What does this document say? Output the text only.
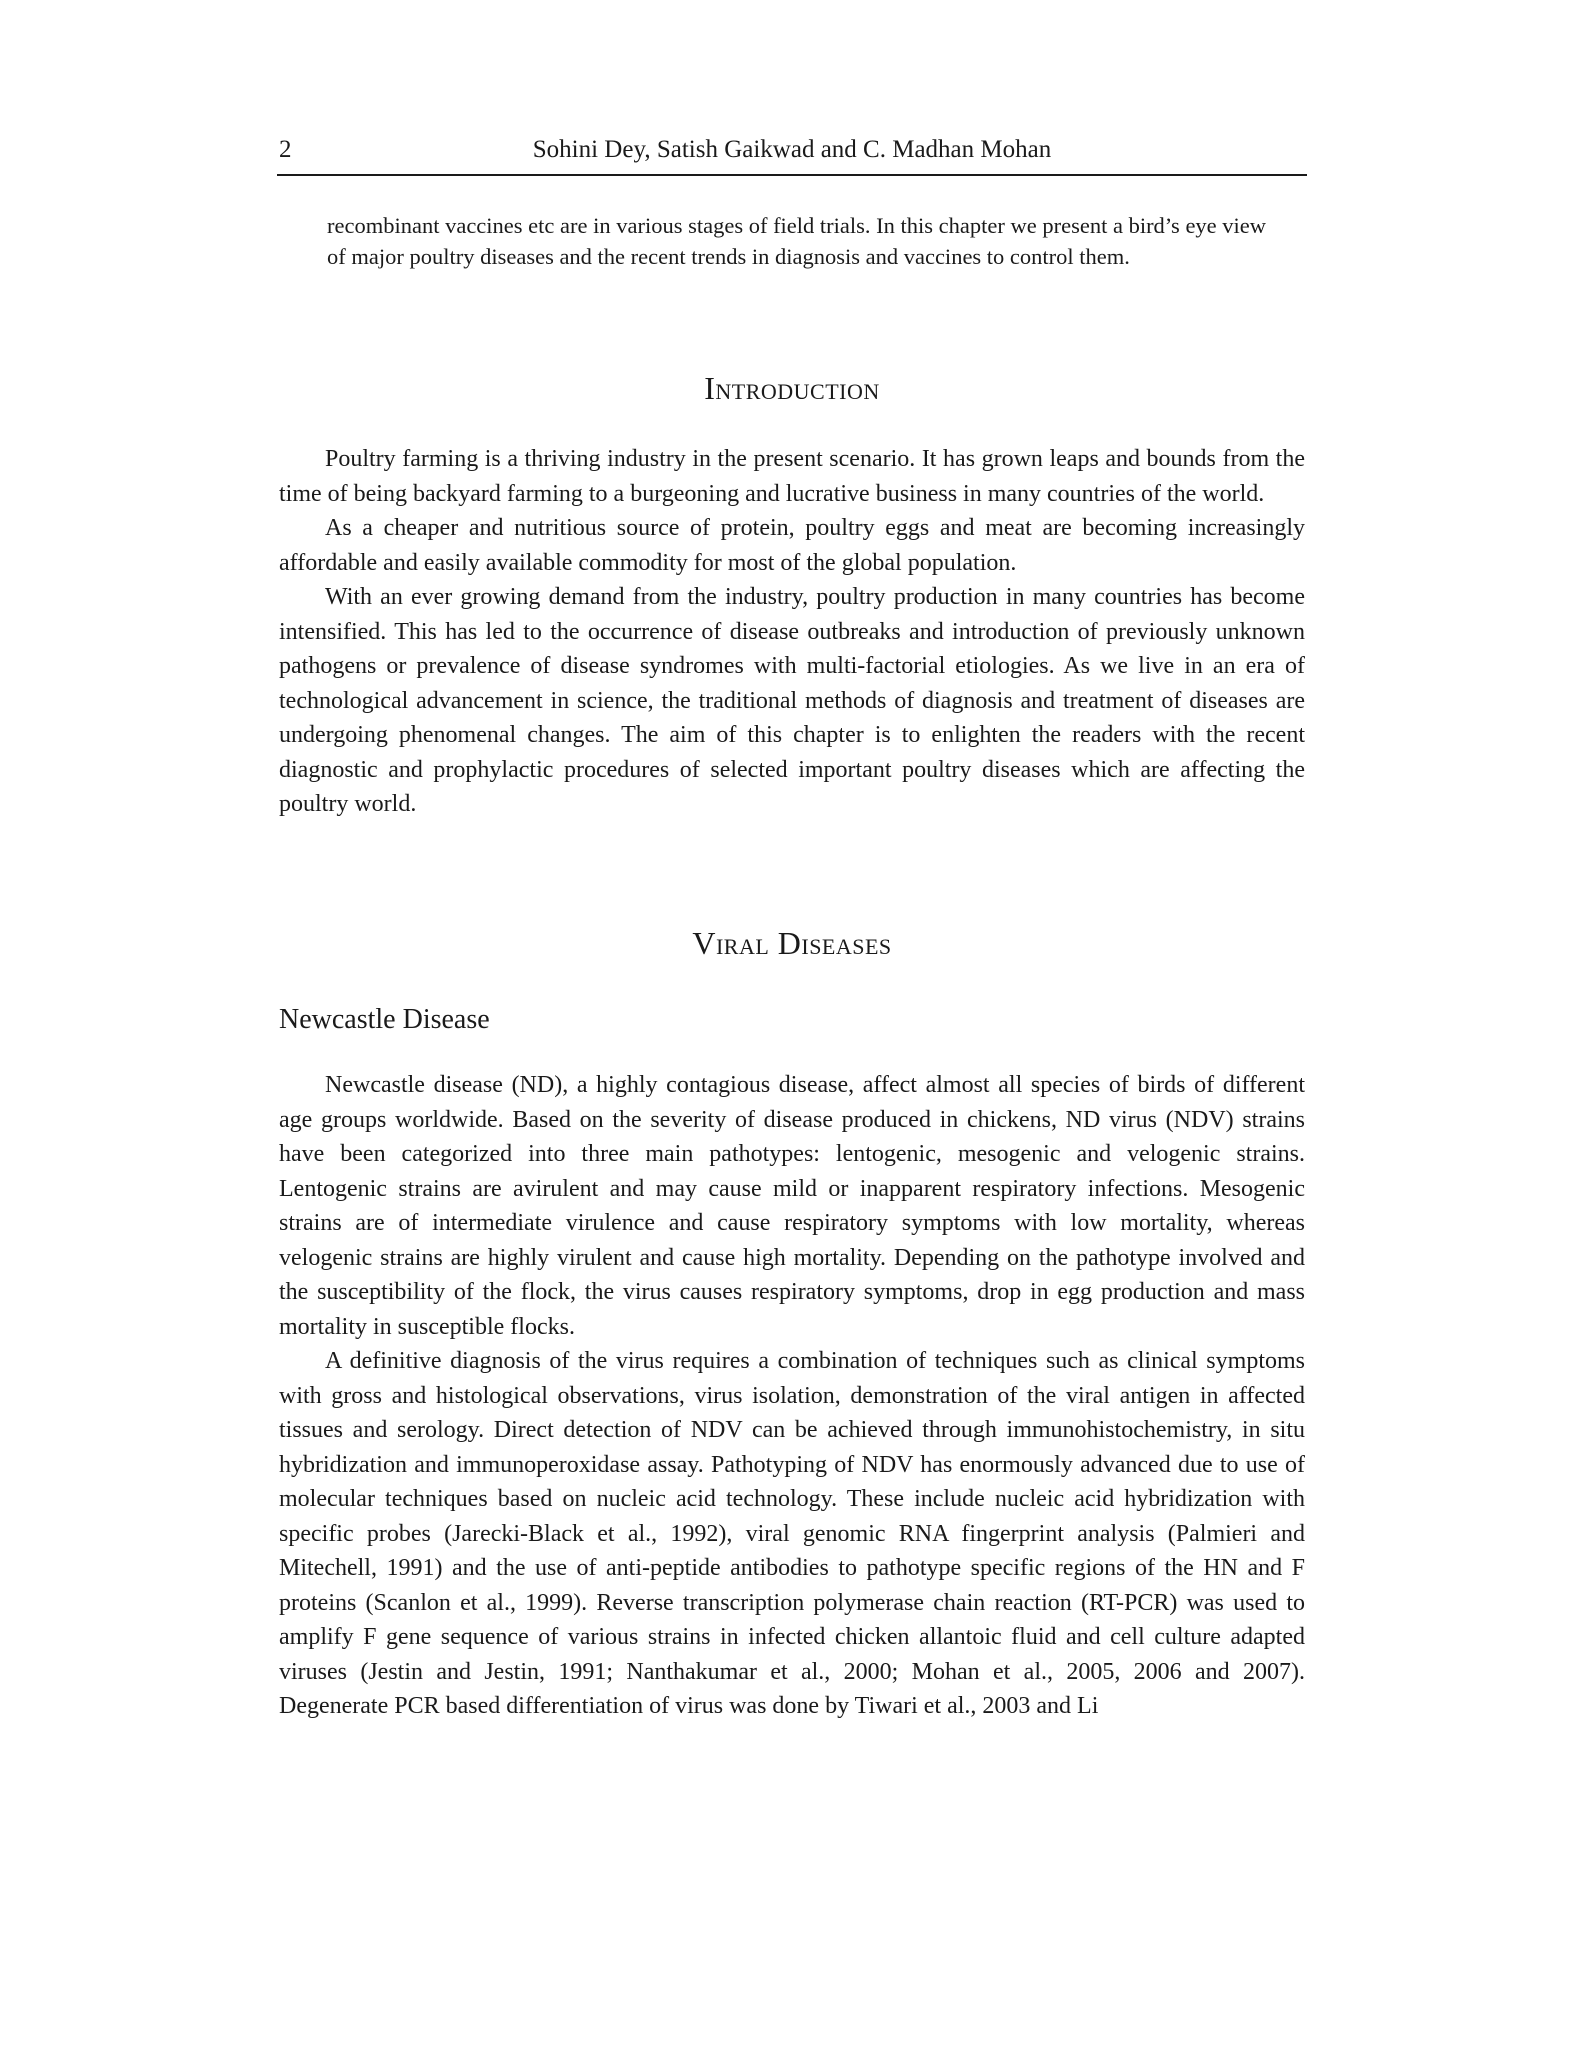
2	Sohini Dey, Satish Gaikwad and C. Madhan Mohan
recombinant vaccines etc are in various stages of field trials. In this chapter we present a bird’s eye view of major poultry diseases and the recent trends in diagnosis and vaccines to control them.
Introduction

Poultry farming is a thriving industry in the present scenario. It has grown leaps and bounds from the time of being backyard farming to a burgeoning and lucrative business in many countries of the world.

As a cheaper and nutritious source of protein, poultry eggs and meat are becoming increasingly affordable and easily available commodity for most of the global population.

With an ever growing demand from the industry, poultry production in many countries has become intensified. This has led to the occurrence of disease outbreaks and introduction of previously unknown pathogens or prevalence of disease syndromes with multi-factorial etiologies. As we live in an era of technological advancement in science, the traditional methods of diagnosis and treatment of diseases are undergoing phenomenal changes. The aim of this chapter is to enlighten the readers with the recent diagnostic and prophylactic procedures of selected important poultry diseases which are affecting the poultry world.

Viral Diseases
Newcastle Disease

Newcastle disease (ND), a highly contagious disease, affect almost all species of birds of different age groups worldwide. Based on the severity of disease produced in chickens, ND virus (NDV) strains have been categorized into three main pathotypes: lentogenic, mesogenic and velogenic strains. Lentogenic strains are avirulent and may cause mild or inapparent respiratory infections. Mesogenic strains are of intermediate virulence and cause respiratory symptoms with low mortality, whereas velogenic strains are highly virulent and cause high mortality. Depending on the pathotype involved and the susceptibility of the flock, the virus causes respiratory symptoms, drop in egg production and mass mortality in susceptible flocks.

A definitive diagnosis of the virus requires a combination of techniques such as clinical symptoms with gross and histological observations, virus isolation, demonstration of the viral antigen in affected tissues and serology. Direct detection of NDV can be achieved through immunohistochemistry, in situ hybridization and immunoperoxidase assay. Pathotyping of NDV has enormously advanced due to use of molecular techniques based on nucleic acid technology. These include nucleic acid hybridization with specific probes (Jarecki-Black et al., 1992), viral genomic RNA fingerprint analysis (Palmieri and Mitechell, 1991) and the use of anti-peptide antibodies to pathotype specific regions of the HN and F proteins (Scanlon et al., 1999). Reverse transcription polymerase chain reaction (RT-PCR) was used to amplify F gene sequence of various strains in infected chicken allantoic fluid and cell culture adapted viruses (Jestin and Jestin, 1991; Nanthakumar et al., 2000; Mohan et al., 2005, 2006 and 2007). Degenerate PCR based differentiation of virus was done by Tiwari et al., 2003 and Li
